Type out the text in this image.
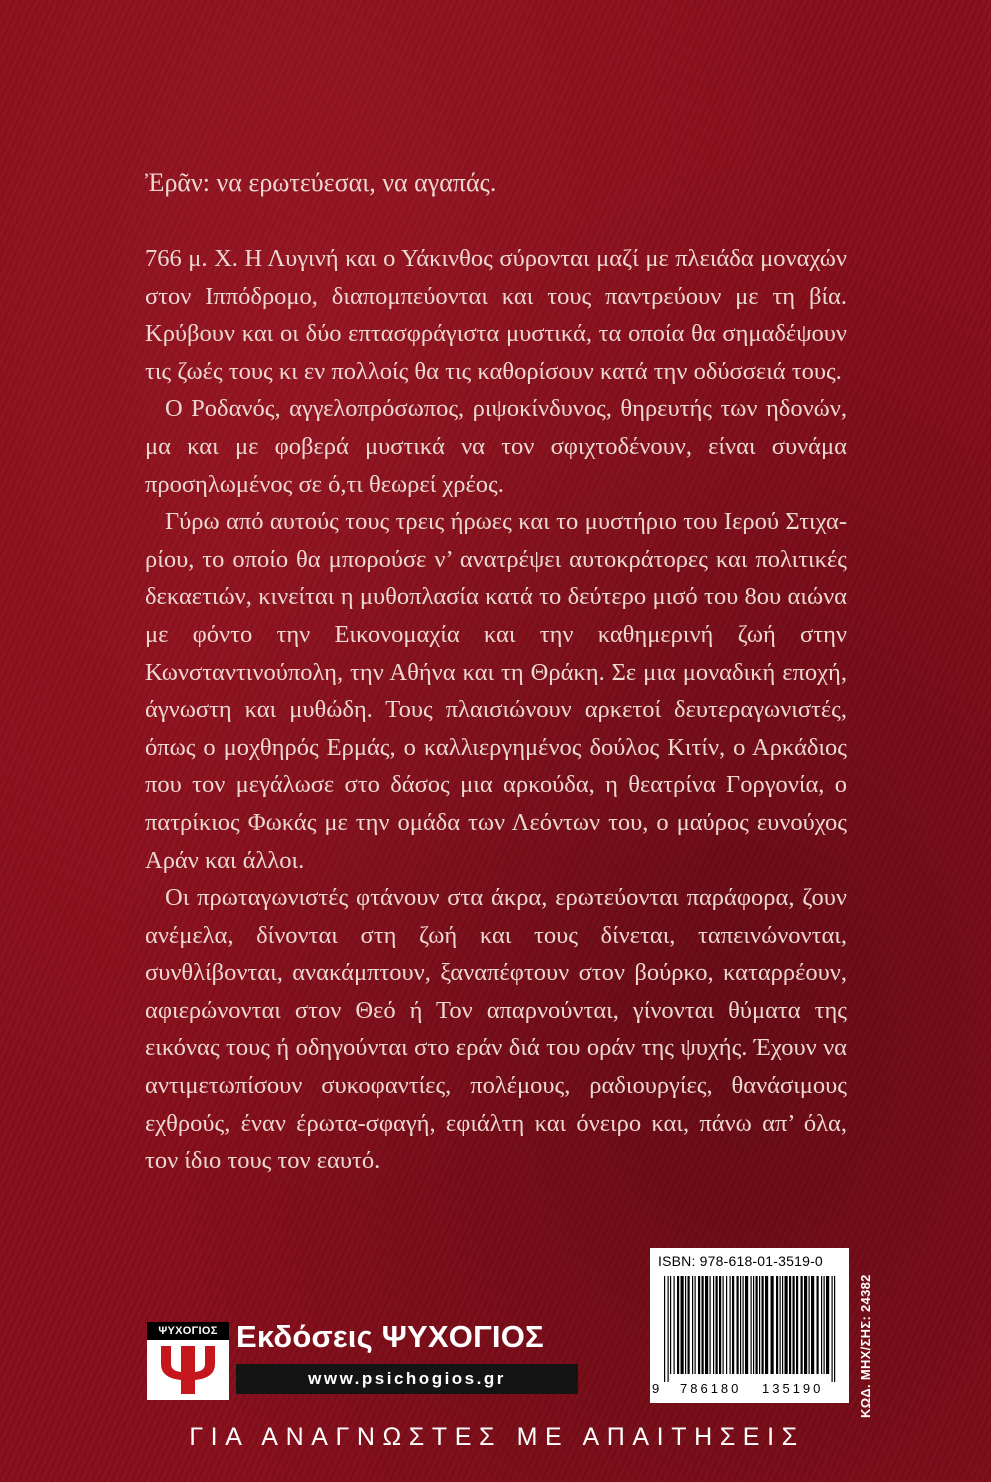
Ἐρᾶν: να ερωτεύεσαι, να αγαπάς.

766 μ. Χ. Η Λυγινή και ο Υάκινθος σύρονται μαζί με πλειάδα μοναχών στον Ιππόδρομο, διαπομπεύονται και τους παντρεύουν με τη βία. Κρύβουν και οι δύο επτασφράγιστα μυστικά, τα οποία θα σημαδέψουν τις ζωές τους κι εν πολλοίς θα τις καθορίσουν κατά την οδύσσειά τους.

Ο Ροδανός, αγγελοπρόσωπος, ριψοκίνδυνος, θηρευτής των ηδονών, μα και με φοβερά μυστικά να τον σφιχτοδένουν, είναι συνάμα προσηλωμένος σε ό,τι θεωρεί χρέος.

Γύρω από αυτούς τους τρεις ήρωες και το μυστήριο του Ιερού Στιχαρίου, το οποίο θα μπορούσε ν’ ανατρέψει αυτοκράτορες και πολιτικές δεκαετιών, κινείται η μυθοπλασία κατά το δεύτερο μισό του 8ου αιώνα με φόντο την Εικονομαχία και την καθημερινή ζωή στην Κωνσταντινούπολη, την Αθήνα και τη Θράκη. Σε μια μοναδική εποχή, άγνωστη και μυθώδη. Τους πλαισιώνουν αρκετοί δευτεραγωνιστές, όπως ο μοχθηρός Ερμάς, ο καλλιεργημένος δούλος Κιτίν, ο Αρκάδιος που τον μεγάλωσε στο δάσος μια αρκούδα, η θεατρίνα Γοργονία, ο πατρίκιος Φωκάς με την ομάδα των Λεόντων του, ο μαύρος ευνούχος Αράν και άλλοι.

Οι πρωταγωνιστές φτάνουν στα άκρα, ερωτεύονται παράφορα, ζουν ανέμελα, δίνονται στη ζωή και τους δίνεται, ταπεινώνονται, συνθλίβονται, ανακάμπτουν, ξαναπέφτουν στον βούρκο, καταρρέουν, αφιερώνονται στον Θεό ή Τον απαρνούνται, γίνονται θύματα της εικόνας τους ή οδηγούνται στο εράν διά του οράν της ψυχής. Έχουν να αντιμετωπίσουν συκοφαντίες, πολέμους, ραδιουργίες, θανάσιμους εχθρούς, έναν έρωτα-σφαγή, εφιάλτη και όνειρο και, πάνω απ’ όλα, τον ίδιο τους τον εαυτό.

ISBN: 978-618-01-3519-0
9 786180 135190	ΚΩΔ. ΜΗΧ/ΣΗΣ: 24382
ΨΥΧΟΓΙΟΣ Εκδόσεις ΨΥΧΟΓΙΟΣ
www.psichogios.gr
ΓΙΑ ΑΝΑΓΝΩΣΤΕΣ ΜΕ ΑΠΑΙΤΗΣΕΙΣ
